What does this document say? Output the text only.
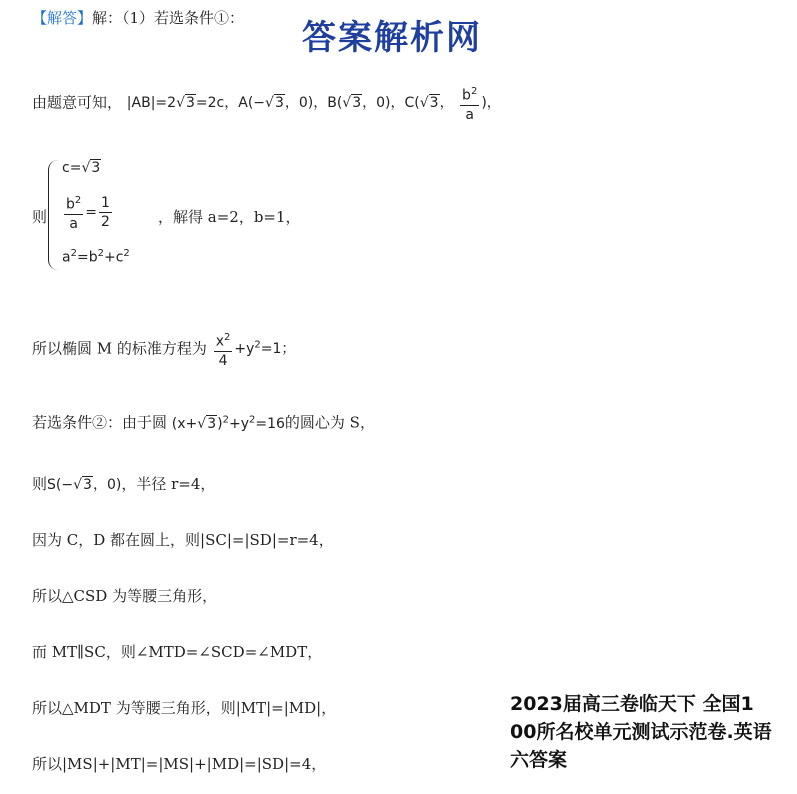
【解答】解：（1）若选条件①： 答案解析网
由题意可知， |AB|=2√3=2c，A(−√3，0)，B(√3，0)，C(√3， $\frac{b^2}{a}$ )，
则
c=√3
$\frac{b^2}{a} = \frac{1}{2}$
$a^2=b^2+c^2$
，解得 a=2，b=1，
所以椭圆 M 的标准方程为 $\frac{x^2}{4} +y^2=1$；
若选条件②：由于圆 $(x+√3)^2+y^2=16$的圆心为 S，
则S(−√3，0)，半径 r=4，
因为 C，D 都在圆上，则|SC|=|SD|=r=4，
所以△CSD 为等腰三角形，
而 MT∥SC，则∠MTD=∠SCD=∠MDT，
所以△MDT 为等腰三角形，则|MT|=|MD|，
所以|MS|+|MT|=|MS|+|MD|=|SD|=4，
2023届高三卷临天下 全国1
00所名校单元测试示范卷.英语
六答案
